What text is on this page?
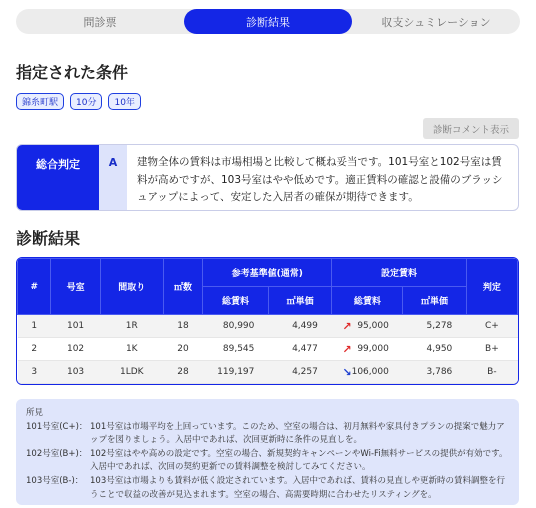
問診票	診断結果	収支シュミレーション
指定された条件
錦糸町駅	10分	10年
診断コメント表示
総合判定	A	建物全体の賃料は市場相場と比較して概ね妥当です。101号室と102号室は賃料が高めですが、103号室はやや低めです。適正賃料の確認と設備のブラッシュアップによって、安定した入居者の確保が期待できます。
診断結果
#	号室	間取り	㎡数	参考基準値(通常)		設定賃料			判定
				総賃料	㎡単価	総賃料		㎡単価	
1	101	1R	18	80,990	4,499	↗	95,000	5,278	C+
2	102	1K	20	89,545	4,477	↗	99,000	4,950	B+
3	103	1LDK	28	119,197	4,257	↘	106,000	3,786	B-
所見
101号室(C+)： 101号室は市場平均を上回っています。このため、空室の場合は、初月無料や家具付きプランの提案で魅力アップを図りましょう。入居中であれば、次回更新時に条件の見直しを。
102号室(B+)： 102号室はやや高めの設定です。空室の場合、新規契約キャンペーンやWi-Fi無料サービスの提供が有効です。入居中であれば、次回の契約更新での賃料調整を検討してみてください。
103号室(B-)： 103号室は市場よりも賃料が低く設定されています。入居中であれば、賃料の見直しや更新時の賃料調整を行うことで収益の改善が見込まれます。空室の場合、高需要時期に合わせたリスティングを。
